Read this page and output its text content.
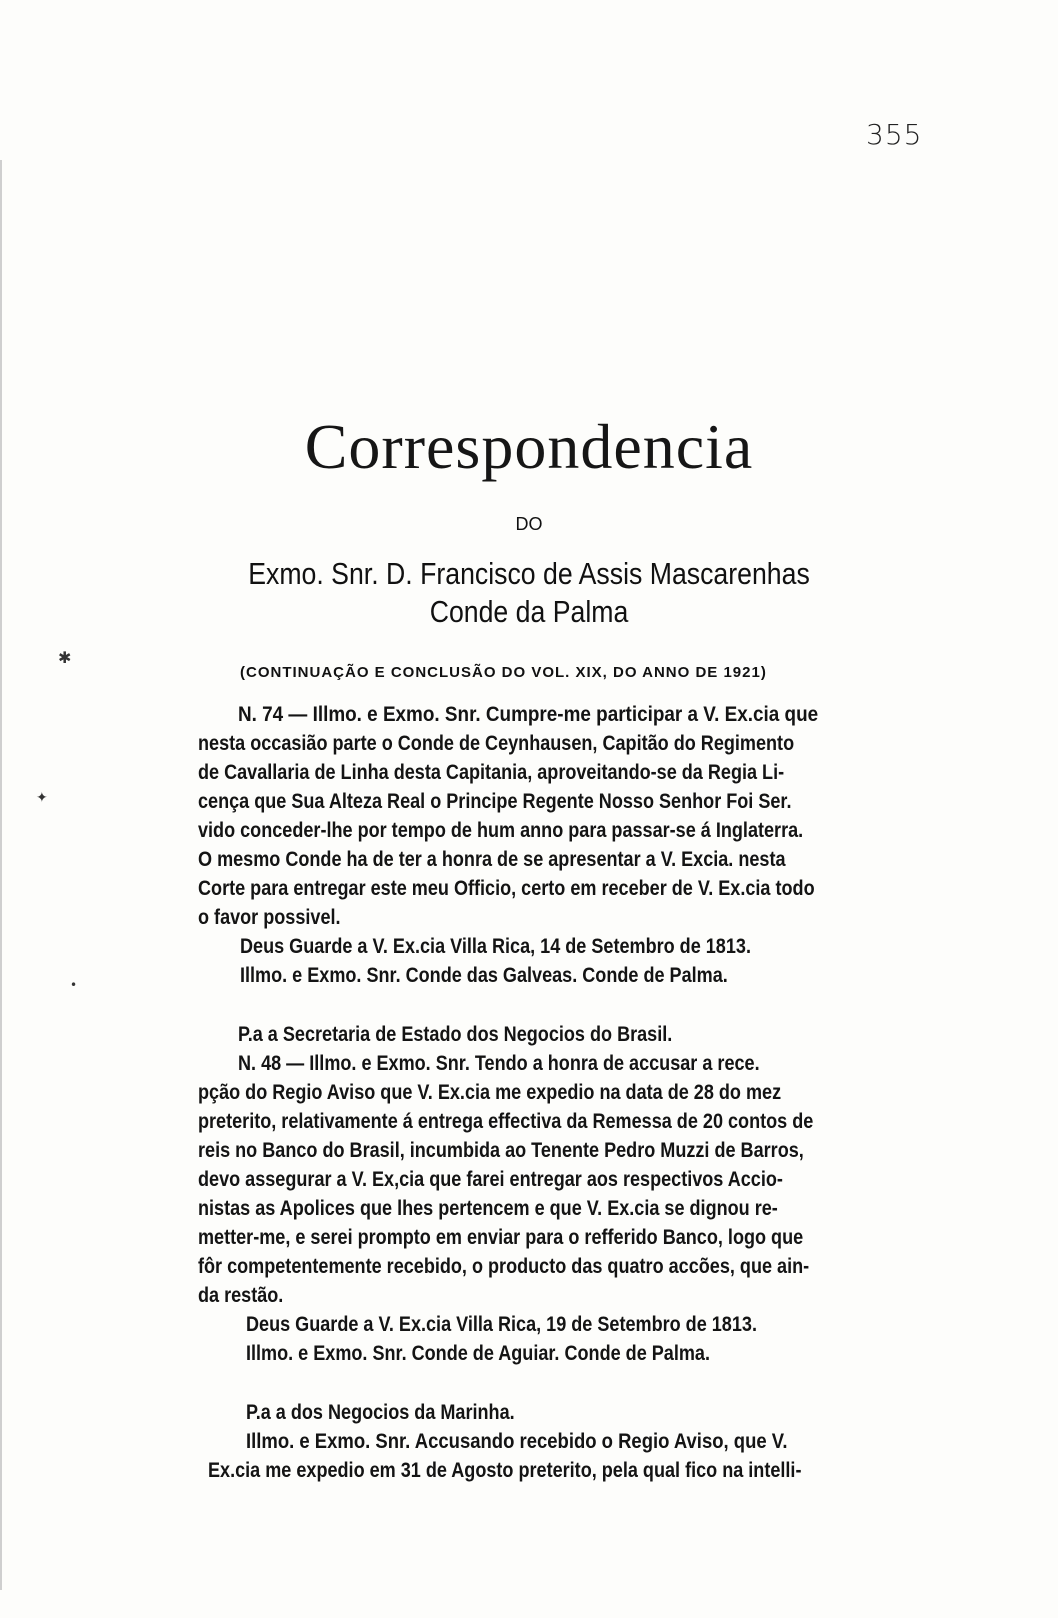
355
Correspondencia
DO
Exmo. Snr. D. Francisco de Assis Mascarenhas
Conde da Palma
(CONTINUAÇÃO E CONCLUSÃO DO VOL. XIX, DO ANNO DE 1921)
N. 74 — Illmo. e Exmo. Snr. Cumpre-me participar a V. Ex.cia que
nesta occasião parte o Conde de Ceynhausen, Capitão do Regimento
de Cavallaria de Linha desta Capitania, aproveitando-se da Regia Li-
cença que Sua Alteza Real o Principe Regente Nosso Senhor Foi Ser.
vido conceder-lhe por tempo de hum anno para passar-se á Inglaterra.
O mesmo Conde ha de ter a honra de se apresentar a V. Excia. nesta
Corte para entregar este meu Officio, certo em receber de V. Ex.cia todo
o favor possivel.
Deus Guarde a V. Ex.cia Villa Rica, 14 de Setembro de 1813.
Illmo. e Exmo. Snr. Conde das Galveas. Conde de Palma.
P.a a Secretaria de Estado dos Negocios do Brasil.
N. 48 — Illmo. e Exmo. Snr. Tendo a honra de accusar a rece.
pção do Regio Aviso que V. Ex.cia me expedio na data de 28 do mez
preterito, relativamente á entrega effectiva da Remessa de 20 contos de
reis no Banco do Brasil, incumbida ao Tenente Pedro Muzzi de Barros,
devo assegurar a V. Ex,cia que farei entregar aos respectivos Accio-
nistas as Apolices que lhes pertencem e que V. Ex.cia se dignou re-
metter-me, e serei prompto em enviar para o refferido Banco, logo que
fôr competentemente recebido, o producto das quatro accões, que ain-
da restão.
Deus Guarde a V. Ex.cia Villa Rica, 19 de Setembro de 1813.
Illmo. e Exmo. Snr. Conde de Aguiar. Conde de Palma.
P.a a dos Negocios da Marinha.
Illmo. e Exmo. Snr. Accusando recebido o Regio Aviso, que V.
Ex.cia me expedio em 31 de Agosto preterito, pela qual fico na intelli-
✱
✦
•
